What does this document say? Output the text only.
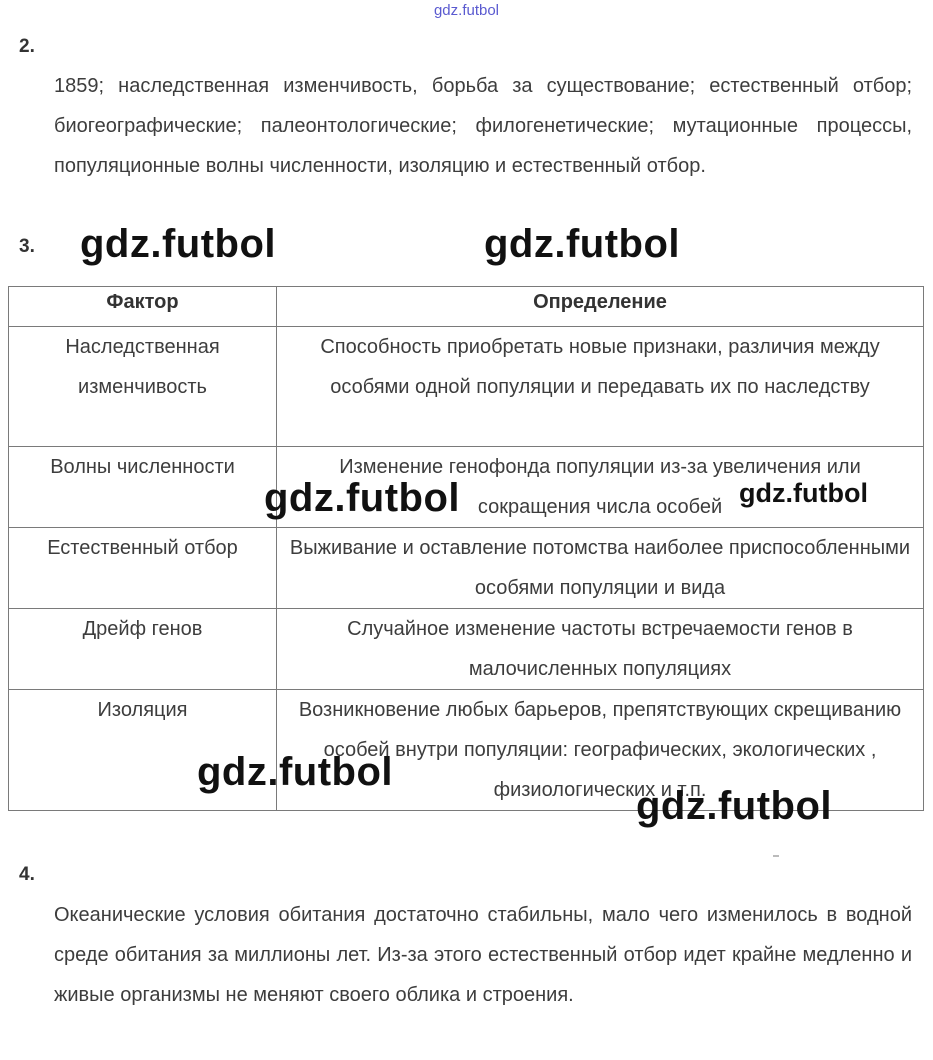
gdz.futbol
2.
1859; наследственная изменчивость, борьба за существование; естественный отбор; биогеографические; палеонтологические; филогенетические; мутационные процессы, популяционные волны численности, изоляцию и естественный отбор.
3.
Фактор	Определение
Наследственная изменчивость	Способность приобретать новые признаки, различия между особями одной популяции и передавать их по наследству
Волны численности	Изменение генофонда популяции из-за увеличения или сокращения числа особей
Естественный отбор	Выживание и оставление потомства наиболее приспособленными особями популяции и вида
Дрейф генов	Случайное изменение частоты встречаемости генов в малочисленных популяциях
Изоляция	Возникновение любых барьеров, препятствующих скрещиванию особей внутри популяции: географических, экологических , физиологических и т.п.
4.
Океанические условия обитания достаточно стабильны, мало чего изменилось в водной среде обитания за миллионы лет. Из-за этого естественный отбор идет крайне медленно и живые организмы не меняют своего облика и строения.
gdz.futbol	gdz.futbol
gdz.futbol	gdz.futbol
gdz.futbol
gdz.futbol
